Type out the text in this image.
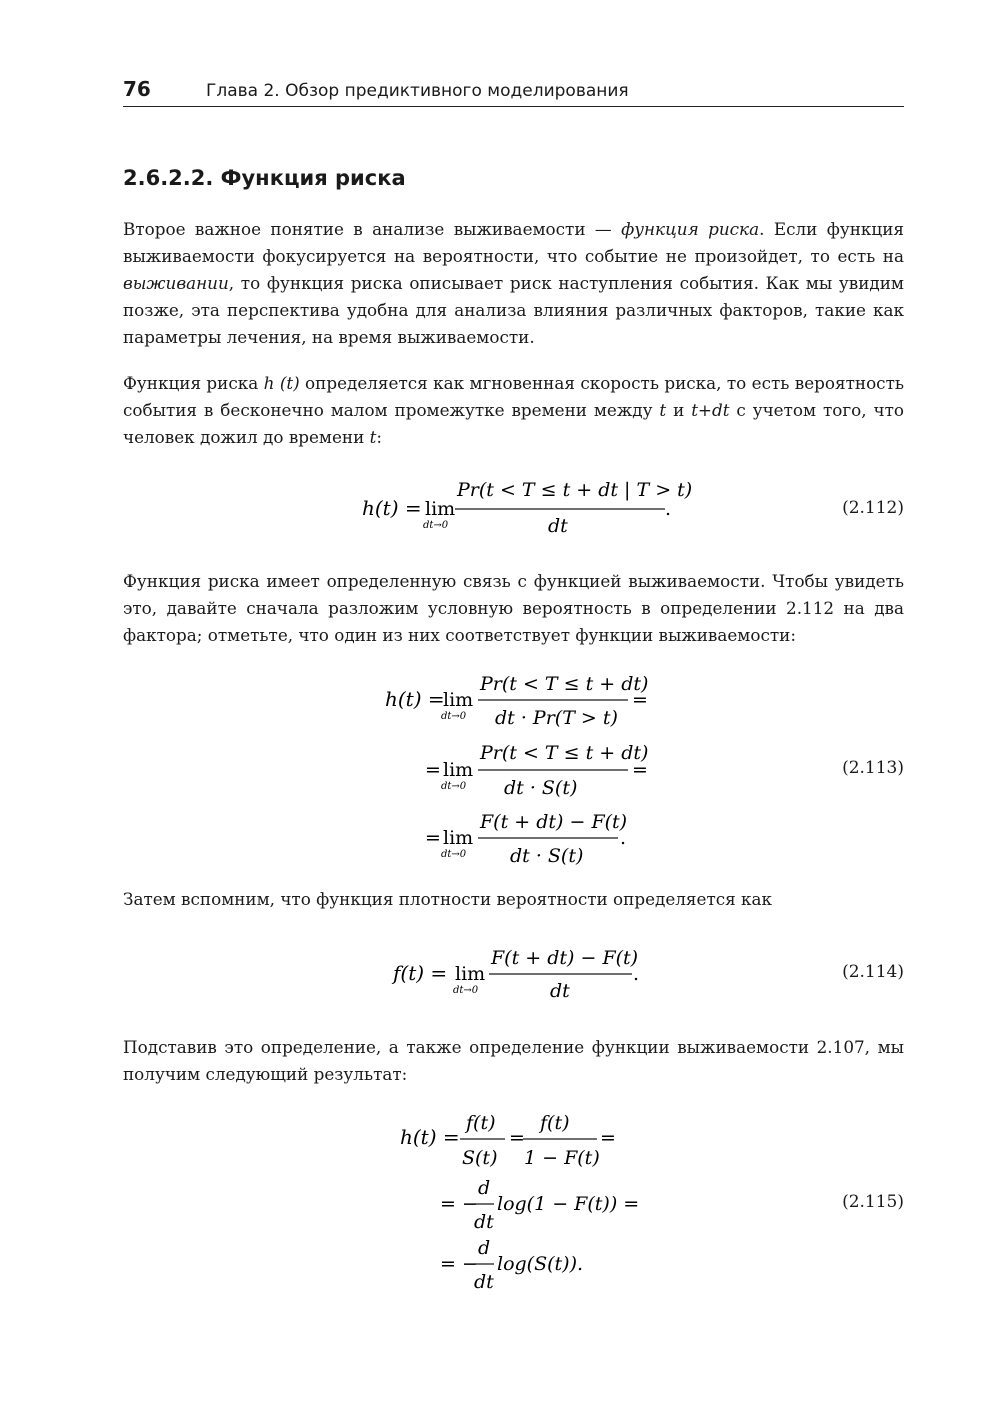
76	Глава 2. Обзор предиктивного моделирования
2.6.2.2. Функция риска
Второе важное понятие в анализе выживаемости — функция риска. Если функция выживаемости фокусируется на вероятности, что событие не произойдет, то есть на выживании, то функция риска описывает риск наступления события. Как мы увидим позже, эта перспектива удобна для анализа влияния различных факторов, такие как параметры лечения, на время выживаемости.
Функция риска h (t) определяется как мгновенная скорость риска, то есть вероятность события в бесконечно малом промежутке времени между t и t+dt с учетом того, что человек дожил до времени t:
h(t) = lim
dt→0
Pr(t < T ≤ t + dt | T > t)
dt
.	(2.112)
Функция риска имеет определенную связь с функцией выживаемости. Чтобы увидеть это, давайте сначала разложим условную вероятность в определении 2.112 на два фактора; отметьте, что один из них соответствует функции выживаемости:
h(t) =
lim
dt→0
Pr(t < T ≤ t + dt)
dt · Pr(T > t)
=
= lim
dt→0
Pr(t < T ≤ t + dt)
dt · S(t)
=
= lim
dt→0
F(t + dt) − F(t)
dt · S(t)
.
(2.113)
Затем вспомним, что функция плотности вероятности определяется как
f(t) = lim
dt→0
F(t + dt) − F(t)
dt
.	(2.114)
Подставив это определение, а также определение функции выживаемости 2.107, мы получим следующий результат:
h(t) =
f(t)
S(t)
=
f(t)
1 − F(t)
=
= −
d
dt
log(1 − F(t)) =
= −
d
dt
log(S(t)).
(2.115)
